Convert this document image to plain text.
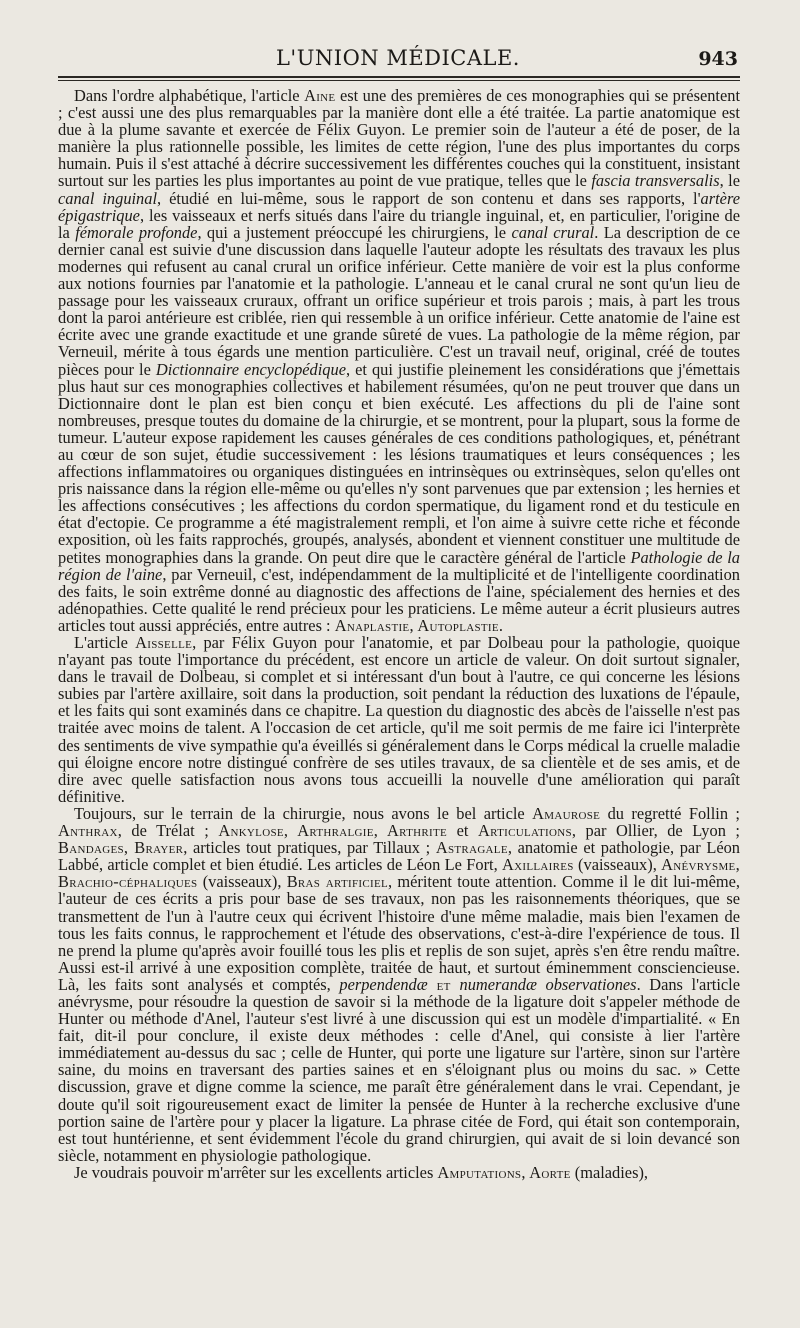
L'UNION MÉDICALE.	943

Dans l'ordre alphabétique, l'article Aine est une des premières de ces monographies qui se présentent ; c'est aussi une des plus remarquables par la manière dont elle a été traitée. La partie anatomique est due à la plume savante et exercée de Félix Guyon. Le premier soin de l'auteur a été de poser, de la manière la plus rationnelle possible, les limites de cette région, l'une des plus importantes du corps humain. Puis il s'est attaché à décrire successivement les différentes couches qui la constituent, insistant surtout sur les parties les plus importantes au point de vue pratique, telles que le fascia transversalis, le canal inguinal, étudié en lui-même, sous le rapport de son contenu et dans ses rapports, l'artère épigastrique, les vaisseaux et nerfs situés dans l'aire du triangle inguinal, et, en particulier, l'origine de la fémorale profonde, qui a justement préoccupé les chirurgiens, le canal crural. La description de ce dernier canal est suivie d'une discussion dans laquelle l'auteur adopte les résultats des travaux les plus modernes qui refusent au canal crural un orifice inférieur. Cette manière de voir est la plus conforme aux notions fournies par l'anatomie et la pathologie. L'anneau et le canal crural ne sont qu'un lieu de passage pour les vaisseaux cruraux, offrant un orifice supérieur et trois parois ; mais, à part les trous dont la paroi antérieure est criblée, rien qui ressemble à un orifice inférieur. Cette anatomie de l'aine est écrite avec une grande exactitude et une grande sûreté de vues. La pathologie de la même région, par Verneuil, mérite à tous égards une mention particulière. C'est un travail neuf, original, créé de toutes pièces pour le Dictionnaire encyclopédique, et qui justifie pleinement les considérations que j'émettais plus haut sur ces monographies collectives et habilement résumées, qu'on ne peut trouver que dans un Dictionnaire dont le plan est bien conçu et bien exécuté. Les affections du pli de l'aine sont nombreuses, presque toutes du domaine de la chirurgie, et se montrent, pour la plupart, sous la forme de tumeur. L'auteur expose rapidement les causes générales de ces conditions pathologiques, et, pénétrant au cœur de son sujet, étudie successivement : les lésions traumatiques et leurs conséquences ; les affections inflammatoires ou organiques distinguées en intrinsèques ou extrinsèques, selon qu'elles ont pris naissance dans la région elle-même ou qu'elles n'y sont parvenues que par extension ; les hernies et les affections consécutives ; les affections du cordon spermatique, du ligament rond et du testicule en état d'ectopie. Ce programme a été magistralement rempli, et l'on aime à suivre cette riche et féconde exposition, où les faits rapprochés, groupés, analysés, abondent et viennent constituer une multitude de petites monographies dans la grande. On peut dire que le caractère général de l'article Pathologie de la région de l'aine, par Verneuil, c'est, indépendamment de la multiplicité et de l'intelligente coordination des faits, le soin extrême donné au diagnostic des affections de l'aine, spécialement des hernies et des adénopathies. Cette qualité le rend précieux pour les praticiens. Le même auteur a écrit plusieurs autres articles tout aussi appréciés, entre autres : Anaplastie, Autoplastie.

L'article Aisselle, par Félix Guyon pour l'anatomie, et par Dolbeau pour la pathologie, quoique n'ayant pas toute l'importance du précédent, est encore un article de valeur. On doit surtout signaler, dans le travail de Dolbeau, si complet et si intéressant d'un bout à l'autre, ce qui concerne les lésions subies par l'artère axillaire, soit dans la production, soit pendant la réduction des luxations de l'épaule, et les faits qui sont examinés dans ce chapitre. La question du diagnostic des abcès de l'aisselle n'est pas traitée avec moins de talent. A l'occasion de cet article, qu'il me soit permis de me faire ici l'interprète des sentiments de vive sympathie qu'a éveillés si généralement dans le Corps médical la cruelle maladie qui éloigne encore notre distingué confrère de ses utiles travaux, de sa clientèle et de ses amis, et de dire avec quelle satisfaction nous avons tous accueilli la nouvelle d'une amélioration qui paraît définitive.

Toujours, sur le terrain de la chirurgie, nous avons le bel article Amaurose du regretté Follin ; Anthrax, de Trélat ; Ankylose, Arthralgie, Arthrite et Articulations, par Ollier, de Lyon ; Bandages, Brayer, articles tout pratiques, par Tillaux ; Astragale, anatomie et pathologie, par Léon Labbé, article complet et bien étudié. Les articles de Léon Le Fort, Axillaires (vaisseaux), Anévrysme, Brachio-céphaliques (vaisseaux), Bras artificiel, méritent toute attention. Comme il le dit lui-même, l'auteur de ces écrits a pris pour base de ses travaux, non pas les raisonnements théoriques, que se transmettent de l'un à l'autre ceux qui écrivent l'histoire d'une même maladie, mais bien l'examen de tous les faits connus, le rapprochement et l'étude des observations, c'est-à-dire l'expérience de tous. Il ne prend la plume qu'après avoir fouillé tous les plis et replis de son sujet, après s'en être rendu maître. Aussi est-il arrivé à une exposition complète, traitée de haut, et surtout éminemment consciencieuse. Là, les faits sont analysés et comptés, perpendendæ et numerandæ observationes. Dans l'article anévrysme, pour résoudre la question de savoir si la méthode de la ligature doit s'appeler méthode de Hunter ou méthode d'Anel, l'auteur s'est livré à une discussion qui est un modèle d'impartialité. « En fait, dit-il pour conclure, il existe deux méthodes : celle d'Anel, qui consiste à lier l'artère immédiatement au-dessus du sac ; celle de Hunter, qui porte une ligature sur l'artère, sinon sur l'artère saine, du moins en traversant des parties saines et en s'éloignant plus ou moins du sac. » Cette discussion, grave et digne comme la science, me paraît être généralement dans le vrai. Cependant, je doute qu'il soit rigoureusement exact de limiter la pensée de Hunter à la recherche exclusive d'une portion saine de l'artère pour y placer la ligature. La phrase citée de Ford, qui était son contemporain, est tout huntérienne, et sent évidemment l'école du grand chirurgien, qui avait de si loin devancé son siècle, notamment en physiologie pathologique.

Je voudrais pouvoir m'arrêter sur les excellents articles Amputations, Aorte (maladies),
